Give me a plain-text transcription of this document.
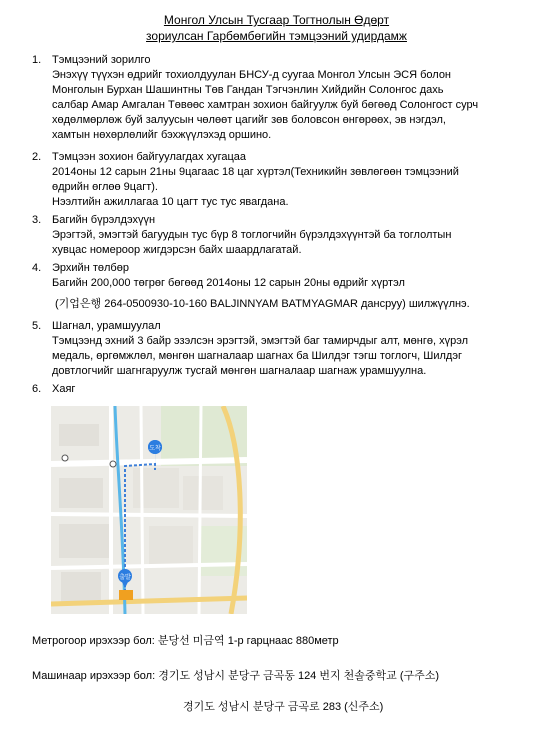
Монгол Улсын Тусгаар Тогтнолын Өдөрт
зориулсан Гарбөмбөгийн тэмцээний удирдамж
1. Тэмцээний зорилго
Энэхүү түүхэн өдрийг тохиолдуулан БНСУ-д суугаа Монгол Улсын ЭСЯ болон
Монголын Бурхан Шашинтны Төв Гандан Тэгчэнлин Хийдийн Солонгос дахь
салбар Амар Амгалан Төвөөс хамтран зохион байгуулж буй бөгөөд Солонгост сурч
хөдөлмөрлөж буй залуусын чөлөөт цагийг зөв боловсон өнгөрөөх, эв нэгдэл,
хамтын нөхөрлөлийг бэхжүүлэхэд оршино.
2. Тэмцээн зохион байгуулагдах хугацаа
2014оны 12 сарын 21ны 9цагаас 18 цаг хүртэл(Техникийн зөвлөгөөн тэмцээний
өдрийн өглөө 9цагт).
Нээлтийн ажиллагаа 10 цагт тус тус явагдана.
3. Багийн бүрэлдэхүүн
Эрэгтэй, эмэгтэй багуудын тус бүр 8 тоглогчийн бүрэлдэхүүнтэй ба тоглолтын
хувцас номероор жигдэрсэн байх шаардлагатай.
4. Эрхийн төлбөр
Багийн 200,000 төгрөг бөгөөд 2014оны 12 сарын 20ны өдрийг хүртэл
(기업은행 264-0500930-10-160 BALJINNYAM BATMYAGMAR дансруу) шилжүүлнэ.
5. Шагнал, урамшуулал
Тэмцээнд эхний 3 байр эзэлсэн эрэгтэй, эмэгтэй баг тамирчдыг алт, мөнгө, хүрэл
медаль, өргөмжлөл, мөнгөн шагналаар шагнах ба Шилдэг тэгш тоглогч, Шилдэг
довтлогчийг шагнгаруулж тусгай мөнгөн шагналаар шагнаж урамшуулна.
6. Хаяг
도착
출발
Метрогоор ирэхээр бол: 분당선 미금역 1-р гарцнаас 880метр
Машинаар ирэхээр бол: 경기도 성남시 분당구 금곡동 124 번지 천솔중학교 (구주소)
경기도 성남시 분당구 금곡로 283 (신주소)
